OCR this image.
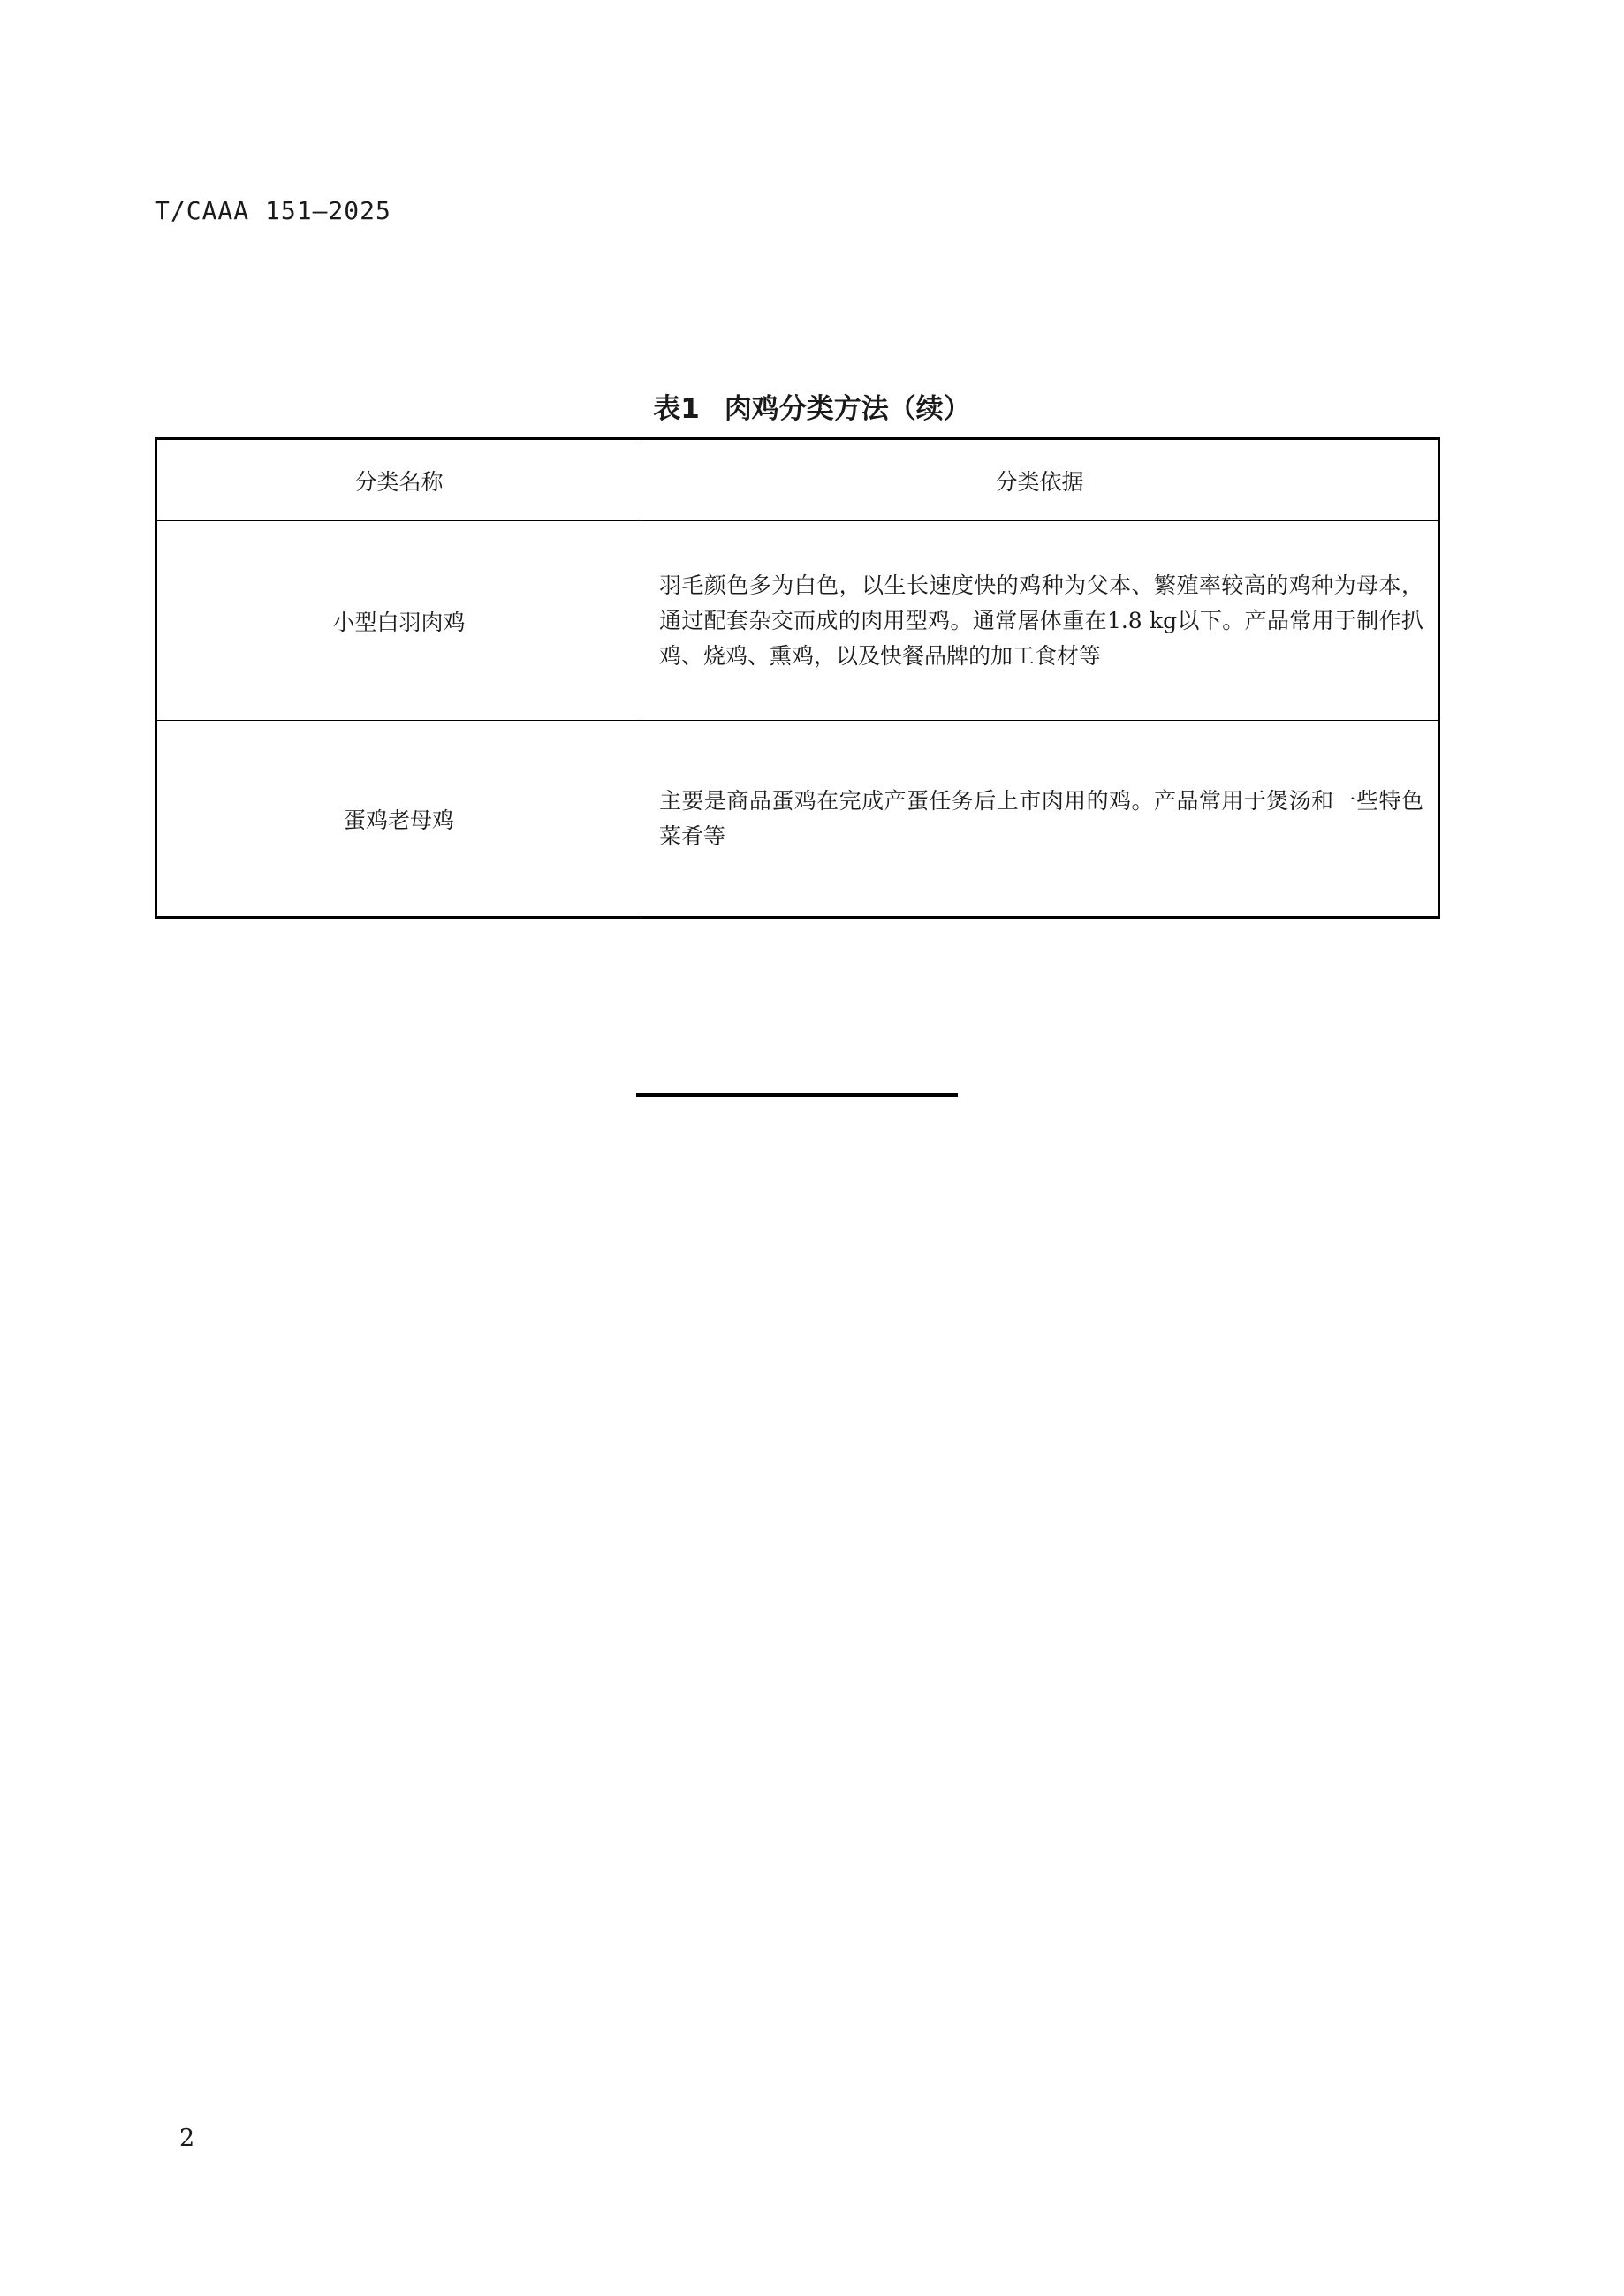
T/CAAA 151—2025
表1 肉鸡分类方法（续）
分类名称	分类依据
小型白羽肉鸡	羽毛颜色多为白色，以生长速度快的鸡种为父本、繁殖率较高的鸡种为母本，通过配套杂交而成的肉用型鸡。通常屠体重在1.8 kg以下。产品常用于制作扒鸡、烧鸡、熏鸡，以及快餐品牌的加工食材等
蛋鸡老母鸡	主要是商品蛋鸡在完成产蛋任务后上市肉用的鸡。产品常用于煲汤和一些特色菜肴等
2
